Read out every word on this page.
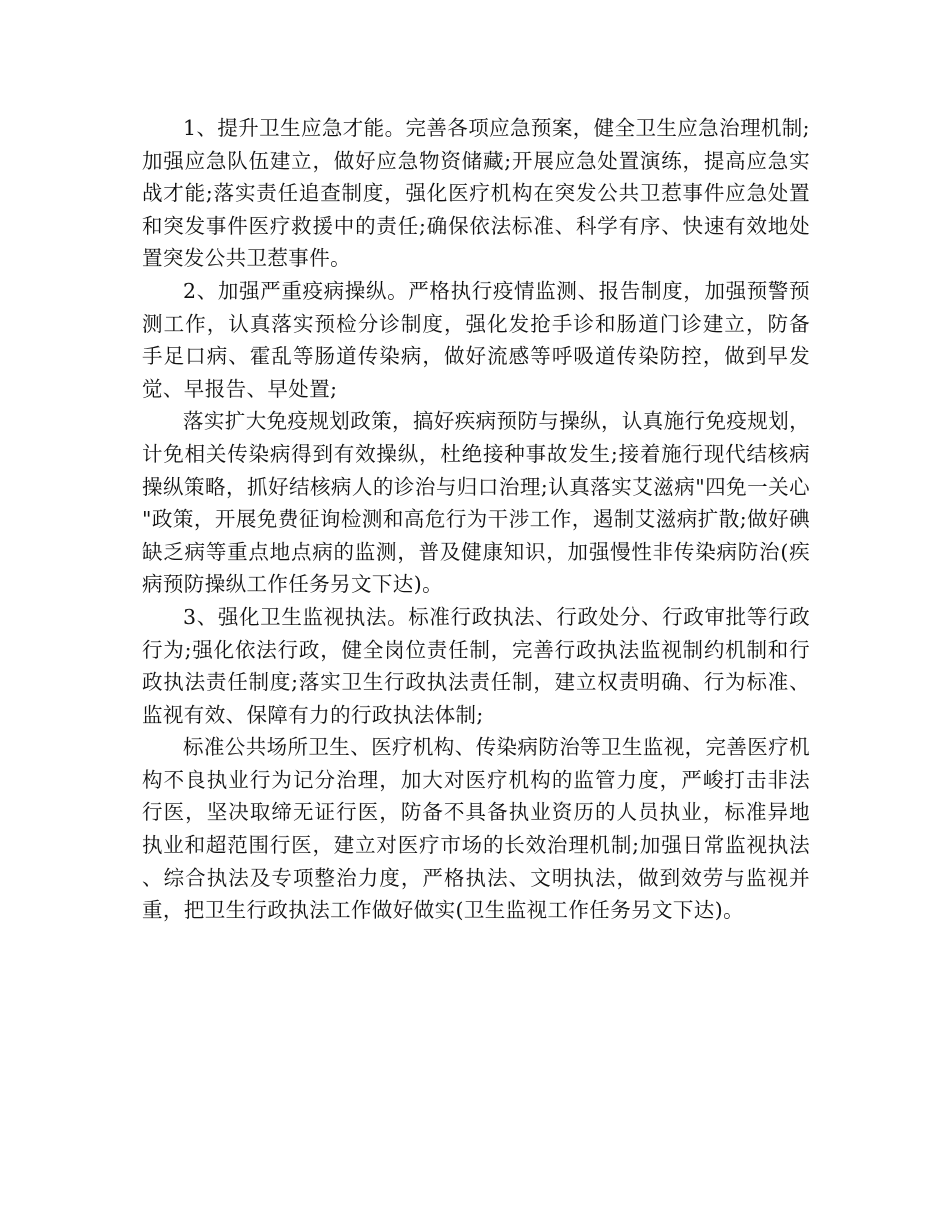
1、提升卫生应急才能。完善各项应急预案，健全卫生应急治理机制;加强应急队伍建立，做好应急物资储藏;开展应急处置演练，提高应急实战才能;落实责任追查制度，强化医疗机构在突发公共卫惹事件应急处置和突发事件医疗救援中的责任;确保依法标准、科学有序、快速有效地处置突发公共卫惹事件。

2、加强严重疫病操纵。严格执行疫情监测、报告制度，加强预警预测工作，认真落实预检分诊制度，强化发抢手诊和肠道门诊建立，防备手足口病、霍乱等肠道传染病，做好流感等呼吸道传染防控，做到早发觉、早报告、早处置;

落实扩大免疫规划政策，搞好疾病预防与操纵，认真施行免疫规划，计免相关传染病得到有效操纵，杜绝接种事故发生;接着施行现代结核病操纵策略，抓好结核病人的诊治与归口治理;认真落实艾滋病"四免一关心"政策，开展免费征询检测和高危行为干涉工作，遏制艾滋病扩散;做好碘缺乏病等重点地点病的监测，普及健康知识，加强慢性非传染病防治(疾病预防操纵工作任务另文下达)。

3、强化卫生监视执法。标准行政执法、行政处分、行政审批等行政行为;强化依法行政，健全岗位责任制，完善行政执法监视制约机制和行政执法责任制度;落实卫生行政执法责任制，建立权责明确、行为标准、监视有效、保障有力的行政执法体制;

标准公共场所卫生、医疗机构、传染病防治等卫生监视，完善医疗机构不良执业行为记分治理，加大对医疗机构的监管力度，严峻打击非法行医，坚决取缔无证行医，防备不具备执业资历的人员执业，标准异地执业和超范围行医，建立对医疗市场的长效治理机制;加强日常监视执法、综合执法及专项整治力度，严格执法、文明执法，做到效劳与监视并重，把卫生行政执法工作做好做实(卫生监视工作任务另文下达)。
